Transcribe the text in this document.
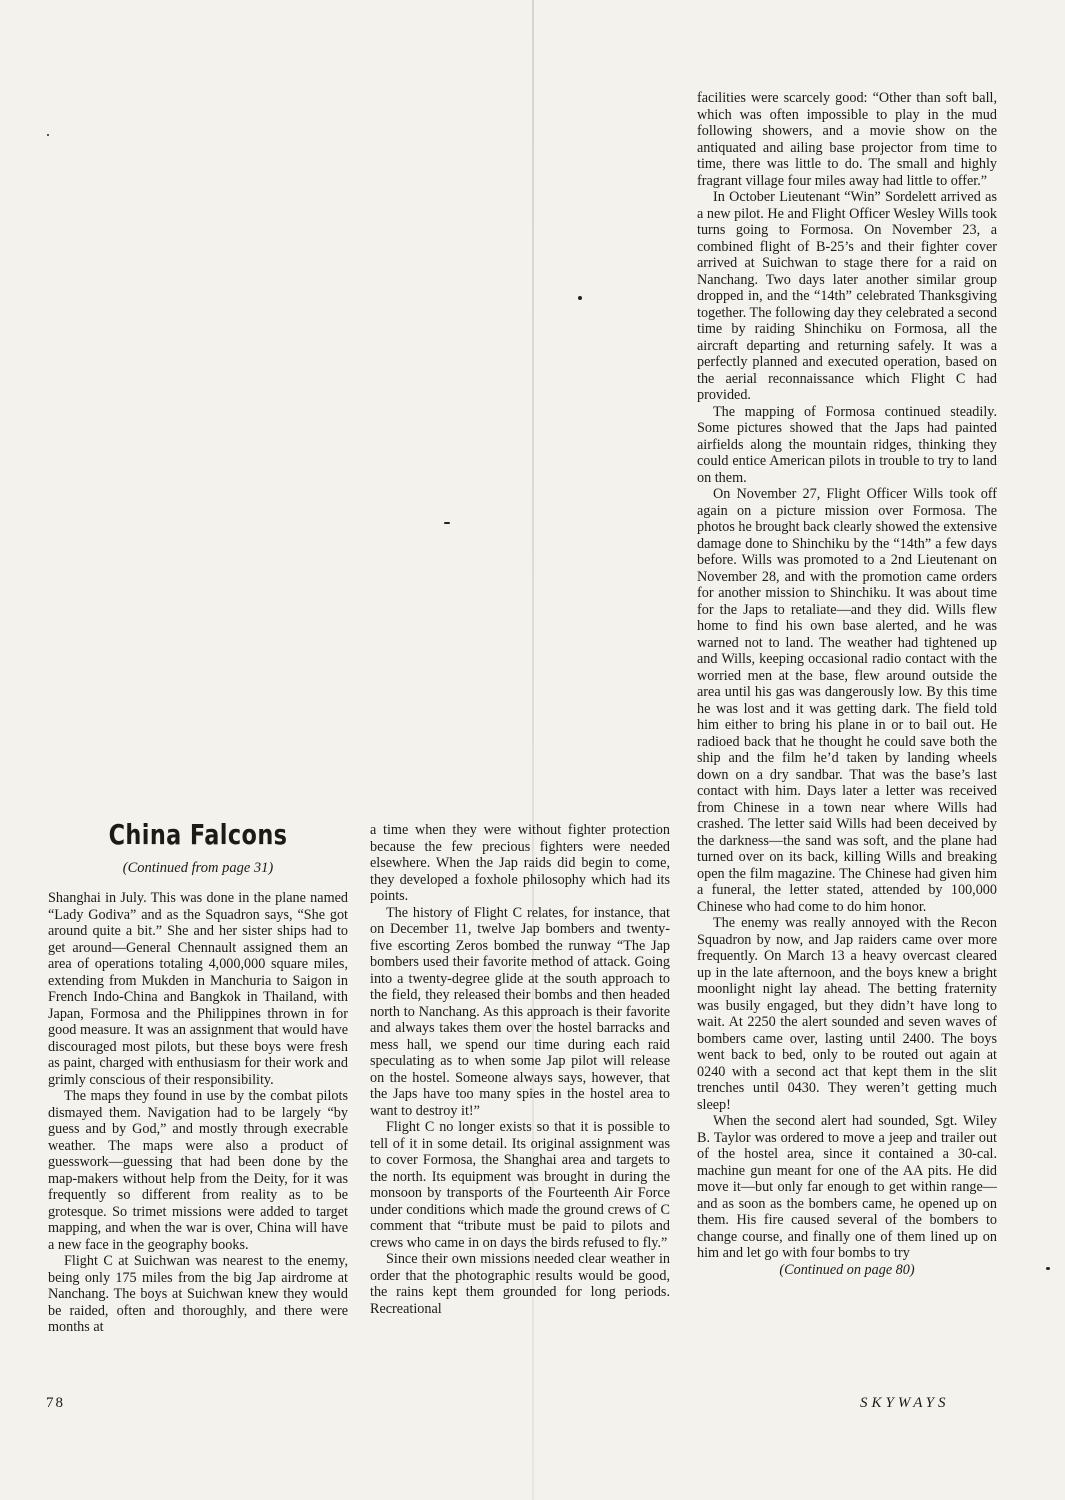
China Falcons
(Continued from page 31)

Shanghai in July. This was done in the plane named “Lady Godiva” and as the Squadron says, “She got around quite a bit.” She and her sister ships had to get around—General Chennault assigned them an area of operations totaling 4,000,000 square miles, extending from Mukden in Manchuria to Saigon in French Indo-China and Bangkok in Thailand, with Japan, Formosa and the Philippines thrown in for good measure. It was an assignment that would have discouraged most pilots, but these boys were fresh as paint, charged with enthusiasm for their work and grimly conscious of their responsibility.

The maps they found in use by the combat pilots dismayed them. Navigation had to be largely “by guess and by God,” and mostly through execrable weather. The maps were also a product of guesswork—guessing that had been done by the map-makers without help from the Deity, for it was frequently so different from reality as to be grotesque. So trimet missions were added to target mapping, and when the war is over, China will have a new face in the geography books.

Flight C at Suichwan was nearest to the enemy, being only 175 miles from the big Jap airdrome at Nanchang. The boys at Suichwan knew they would be raided, often and thoroughly, and there were months at

a time when they were without fighter protection because the few precious fighters were needed elsewhere. When the Jap raids did begin to come, they developed a foxhole philosophy which had its points.

The history of Flight C relates, for instance, that on December 11, twelve Jap bombers and twenty-five escorting Zeros bombed the runway “The Jap bombers used their favorite method of attack. Going into a twenty-degree glide at the south approach to the field, they released their bombs and then headed north to Nanchang. As this approach is their favorite and always takes them over the hostel barracks and mess hall, we spend our time during each raid speculating as to when some Jap pilot will release on the hostel. Someone always says, however, that the Japs have too many spies in the hostel area to want to destroy it!”

Flight C no longer exists so that it is possible to tell of it in some detail. Its original assignment was to cover Formosa, the Shanghai area and targets to the north. Its equipment was brought in during the monsoon by transports of the Fourteenth Air Force under conditions which made the ground crews of C comment that “tribute must be paid to pilots and crews who came in on days the birds refused to fly.”

Since their own missions needed clear weather in order that the photographic results would be good, the rains kept them grounded for long periods. Recreational

facilities were scarcely good: “Other than soft ball, which was often impossible to play in the mud following showers, and a movie show on the antiquated and ailing base projector from time to time, there was little to do. The small and highly fragrant village four miles away had little to offer.”

In October Lieutenant “Win” Sordelett arrived as a new pilot. He and Flight Officer Wesley Wills took turns going to Formosa. On November 23, a combined flight of B-25’s and their fighter cover arrived at Suichwan to stage there for a raid on Nanchang. Two days later another similar group dropped in, and the “14th” celebrated Thanksgiving together. The following day they celebrated a second time by raiding Shinchiku on Formosa, all the aircraft departing and returning safely. It was a perfectly planned and executed operation, based on the aerial reconnaissance which Flight C had provided.

The mapping of Formosa continued steadily. Some pictures showed that the Japs had painted airfields along the mountain ridges, thinking they could entice American pilots in trouble to try to land on them.

On November 27, Flight Officer Wills took off again on a picture mission over Formosa. The photos he brought back clearly showed the extensive damage done to Shinchiku by the “14th” a few days before. Wills was promoted to a 2nd Lieutenant on November 28, and with the promotion came orders for another mission to Shinchiku. It was about time for the Japs to retaliate—and they did. Wills flew home to find his own base alerted, and he was warned not to land. The weather had tightened up and Wills, keeping occasional radio contact with the worried men at the base, flew around outside the area until his gas was dangerously low. By this time he was lost and it was getting dark. The field told him either to bring his plane in or to bail out. He radioed back that he thought he could save both the ship and the film he’d taken by landing wheels down on a dry sandbar. That was the base’s last contact with him. Days later a letter was received from Chinese in a town near where Wills had crashed. The letter said Wills had been deceived by the darkness—the sand was soft, and the plane had turned over on its back, killing Wills and breaking open the film magazine. The Chinese had given him a funeral, the letter stated, attended by 100,000 Chinese who had come to do him honor.

The enemy was really annoyed with the Recon Squadron by now, and Jap raiders came over more frequently. On March 13 a heavy overcast cleared up in the late afternoon, and the boys knew a bright moonlight night lay ahead. The betting fraternity was busily engaged, but they didn’t have long to wait. At 2250 the alert sounded and seven waves of bombers came over, lasting until 2400. The boys went back to bed, only to be routed out again at 0240 with a second act that kept them in the slit trenches until 0430. They weren’t getting much sleep!

When the second alert had sounded, Sgt. Wiley B. Taylor was ordered to move a jeep and trailer out of the hostel area, since it contained a 30-cal. machine gun meant for one of the AA pits. He did move it—but only far enough to get within range—and as soon as the bombers came, he opened up on them. His fire caused several of the bombers to change course, and finally one of them lined up on him and let go with four bombs to try

(Continued on page 80)

78	SKYWAYS
